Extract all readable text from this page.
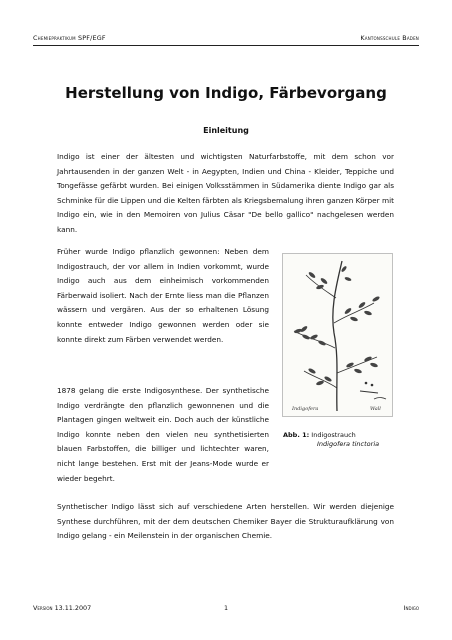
Chemiepraktikum SPF/EGF	Kantonsschule Baden
Herstellung von Indigo, Färbevorgang
Einleitung

Indigo ist einer der ältesten und wichtigsten Naturfarbstoffe, mit dem schon vor Jahrtausenden in der ganzen Welt - in Aegypten, Indien und China - Kleider, Teppiche und Tongefässe gefärbt wurden. Bei einigen Volksstämmen in Südamerika diente Indigo gar als Schminke für die Lippen und die Kelten färbten als Kriegsbemalung ihren ganzen Körper mit Indigo ein, wie in den Memoiren von Julius Cäsar "De bello gallico" nachgelesen werden kann.

Früher wurde Indigo pflanzlich gewonnen: Neben dem Indigostrauch, der vor allem in Indien vorkommt, wurde Indigo auch aus dem einheimisch vorkommenden Färberwaid isoliert. Nach der Ernte liess man die Pflanzen wässern und vergären. Aus der so erhaltenen Lösung konnte entweder Indigo gewonnen werden oder sie konnte direkt zum Färben verwendet werden.

1878 gelang die erste Indigosynthese. Der synthetische Indigo verdrängte den pflanzlich gewonnenen und die Plantagen gingen weltweit ein. Doch auch der künstliche Indigo konnte neben den vielen neu synthetisierten blauen Farbstoffen, die billiger und lichtechter waren, nicht lange bestehen. Erst mit der Jeans-Mode wurde er wieder begehrt.

Synthetischer Indigo lässt sich auf verschiedene Arten herstellen. Wir werden diejenige Synthese durchführen, mit der dem deutschen Chemiker Bayer die Strukturaufklärung von Indigo gelang - ein Meilenstein in der organischen Chemie.

Indigofera	Wall
Abb. 1: Indigostrauch
Indigofera tinctoria
Version 13.11.2007	1	Indigo
